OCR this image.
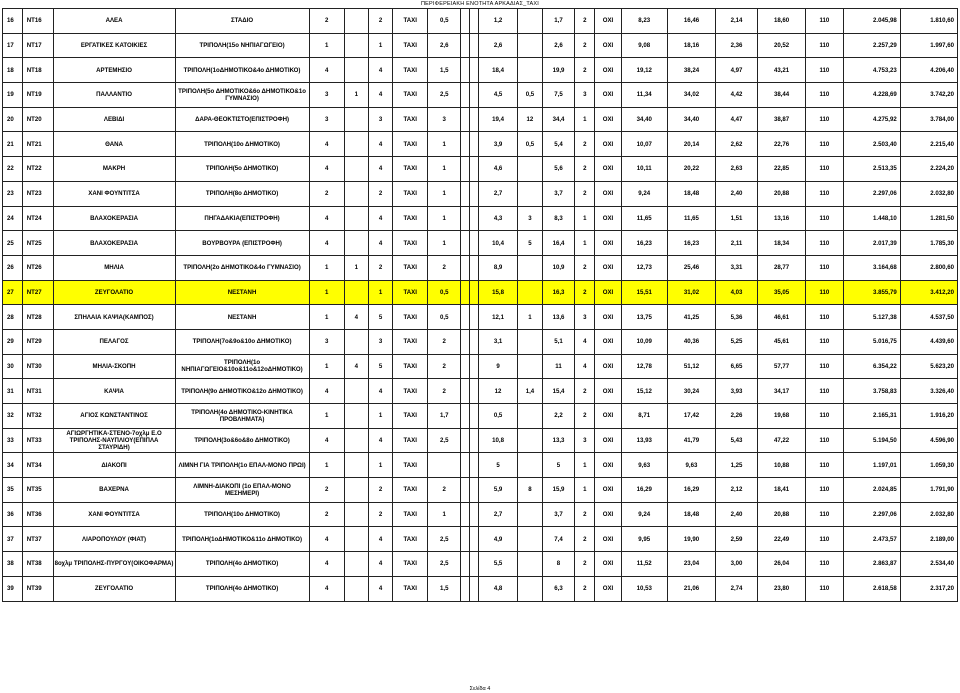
ΠΕΡΙΦΕΡΕΙΑΚΗ ΕΝΟΤΗΤΑ ΑΡΚΑΔΙΑΣ_ΤΑΧΙ
16	NT16	ΑΛΕΑ	ΣΤΑΔΙΟ	2		2	ΤΑΧΙ	0,5			1,2		1,7	2	ΟΧΙ	8,23	16,46	2,14	18,60	110	2.045,98	1.810,60
17	NT17	ΕΡΓΑΤΙΚΕΣ ΚΑΤΟΙΚΙΕΣ	ΤΡΙΠΟΛΗ(15ο ΝΗΠΙΑΓΩΓΕΙΟ)	1		1	ΤΑΧΙ	2,6			2,6		2,6	2	ΟΧΙ	9,08	18,16	2,36	20,52	110	2.257,29	1.997,60
18	NT18	ΑΡΤΕΜΗΣΙΟ	ΤΡΙΠΟΛΗ(1οΔΗΜΟΤΙΚΟ&4ο ΔΗΜΟΤΙΚΟ)	4		4	ΤΑΧΙ	1,5			18,4		19,9	2	ΟΧΙ	19,12	38,24	4,97	43,21	110	4.753,23	4.206,40
19	NT19	ΠΑΛΛΑΝΤΙΟ	ΤΡΙΠΟΛΗ(5ο ΔΗΜΟΤΙΚΟ&6ο ΔΗΜΟΤΙΚΟ&1ο ΓΥΜΝΑΣΙΟ)	3	1	4	ΤΑΧΙ	2,5			4,5	0,5	7,5	3	ΟΧΙ	11,34	34,02	4,42	38,44	110	4.228,69	3.742,20
20	NT20	ΛΕΒΙΔΙ	ΔΑΡΑ-ΘΕΟΚΤΙΣΤΟ(ΕΠΙΣΤΡΟΦΗ)	3		3	ΤΑΧΙ	3			19,4	12	34,4	1	ΟΧΙ	34,40	34,40	4,47	38,87	110	4.275,92	3.784,00
21	NT21	ΘΑΝΑ	ΤΡΙΠΟΛΗ(10ο ΔΗΜΟΤΙΚΟ)	4		4	ΤΑΧΙ	1			3,9	0,5	5,4	2	ΟΧΙ	10,07	20,14	2,62	22,76	110	2.503,40	2.215,40
22	NT22	ΜΑΚΡΗ	ΤΡΙΠΟΛΗ(5ο ΔΗΜΟΤΙΚΟ)	4		4	ΤΑΧΙ	1			4,6		5,6	2	ΟΧΙ	10,11	20,22	2,63	22,85	110	2.513,35	2.224,20
23	NT23	ΧΑΝΙ ΦΟΥΝΤΙΤΣΑ	ΤΡΙΠΟΛΗ(8ο ΔΗΜΟΤΙΚΟ)	2		2	ΤΑΧΙ	1			2,7		3,7	2	ΟΧΙ	9,24	18,48	2,40	20,88	110	2.297,06	2.032,80
24	NT24	ΒΛΑΧΟΚΕΡΑΣΙΑ	ΠΗΓΑΔΑΚΙΑ(ΕΠΙΣΤΡΟΦΗ)	4		4	ΤΑΧΙ	1			4,3	3	8,3	1	ΟΧΙ	11,65	11,65	1,51	13,16	110	1.448,10	1.281,50
25	NT25	ΒΛΑΧΟΚΕΡΑΣΙΑ	ΒΟΥΡΒΟΥΡΑ (ΕΠΙΣΤΡΟΦΗ)	4		4	ΤΑΧΙ	1			10,4	5	16,4	1	ΟΧΙ	16,23	16,23	2,11	18,34	110	2.017,39	1.785,30
26	NT26	ΜΗΛΙΑ	ΤΡΙΠΟΛΗ(2ο ΔΗΜΟΤΙΚΟ&4ο ΓΥΜΝΑΣΙΟ)	1	1	2	ΤΑΧΙ	2			8,9		10,9	2	ΟΧΙ	12,73	25,46	3,31	28,77	110	3.164,68	2.800,60
27	NT27	ΖΕΥΓΟΛΑΤΙΟ	ΝΕΣΤΑΝΗ	1		1	ΤΑΧΙ	0,5			15,8		16,3	2	ΟΧΙ	15,51	31,02	4,03	35,05	110	3.855,79	3.412,20
28	NT28	ΣΠΗΛΑΙΑ ΚΑΨΙΑ(ΚΑΜΠΟΣ)	ΝΕΣΤΑΝΗ	1	4	5	ΤΑΧΙ	0,5			12,1	1	13,6	3	ΟΧΙ	13,75	41,25	5,36	46,61	110	5.127,38	4.537,50
29	NT29	ΠΕΛΑΓΟΣ	ΤΡΙΠΟΛΗ(7ο&9ο&10ο ΔΗΜΟΤΙΚΟ)	3		3	ΤΑΧΙ	2			3,1		5,1	4	ΟΧΙ	10,09	40,36	5,25	45,61	110	5.016,75	4.439,60
30	NT30	ΜΗΛΙΑ-ΣΚΟΠΗ	ΤΡΙΠΟΛΗ(1ο ΝΗΠΙΑΓΩΓΕΙΟ&10ο&11ο&12οΔΗΜΟΤΙΚΟ)	1	4	5	ΤΑΧΙ	2			9		11	4	ΟΧΙ	12,78	51,12	6,65	57,77	110	6.354,22	5.623,20
31	NT31	ΚΑΨΙΑ	ΤΡΙΠΟΛΗ(9ο ΔΗΜΟΤΙΚΟ&12ο ΔΗΜΟΤΙΚΟ)	4		4	ΤΑΧΙ	2			12	1,4	15,4	2	ΟΧΙ	15,12	30,24	3,93	34,17	110	3.758,83	3.326,40
32	NT32	ΑΓΙΟΣ ΚΩΝΣΤΑΝΤΙΝΟΣ	ΤΡΙΠΟΛΗ(4ο ΔΗΜΟΤΙΚΟ-ΚΙΝΗΤΙΚΑ ΠΡΟΒΛΗΜΑΤΑ)	1		1	ΤΑΧΙ	1,7			0,5		2,2	2	ΟΧΙ	8,71	17,42	2,26	19,68	110	2.165,31	1.916,20
33	NT33	ΑΓΙΩΡΓΗΤΙΚΑ-ΣΤΕΝΟ-7οχλμ Ε.Ο ΤΡΙΠΟΛΗΣ-ΝΑΥΠΛΙΟΥ(ΕΠΙΠΛΑ ΣΤΑΥΡΙΔΗ)	ΤΡΙΠΟΛΗ(3ο&6ο&8ο ΔΗΜΟΤΙΚΟ)	4		4	ΤΑΧΙ	2,5			10,8		13,3	3	ΟΧΙ	13,93	41,79	5,43	47,22	110	5.194,50	4.596,90
34	NT34	ΔΙΑΚΟΠΙ	ΛΙΜΝΗ ΓΙΑ ΤΡΙΠΟΛΗ(1ο ΕΠΑΛ-ΜΟΝΟ ΠΡΩΙ)	1		1	ΤΑΧΙ				5		5	1	ΟΧΙ	9,63	9,63	1,25	10,88	110	1.197,01	1.059,30
35	NT35	ΒΑΧΕΡΝΑ	ΛΙΜΝΗ-ΔΙΑΚΟΠΙ (1ο ΕΠΑΛ-ΜΟΝΟ ΜΕΣΗΜΕΡΙ)	2		2	ΤΑΧΙ	2			5,9	8	15,9	1	ΟΧΙ	16,29	16,29	2,12	18,41	110	2.024,85	1.791,90
36	NT36	ΧΑΝΙ ΦΟΥΝΤΙΤΣΑ	ΤΡΙΠΟΛΗ(10ο ΔΗΜΟΤΙΚΟ)	2		2	ΤΑΧΙ	1			2,7		3,7	2	ΟΧΙ	9,24	18,48	2,40	20,88	110	2.297,06	2.032,80
37	NT37	ΛΙΑΡΟΠΟΥΛΟΥ (ΦΙΑΤ)	ΤΡΙΠΟΛΗ(1οΔΗΜΟΤΙΚΟ&11ο ΔΗΜΟΤΙΚΟ)	4		4	ΤΑΧΙ	2,5			4,9		7,4	2	ΟΧΙ	9,95	19,90	2,59	22,49	110	2.473,57	2.189,00
38	NT38	8οχλμ ΤΡΙΠΟΛΗΣ-ΠΥΡΓΟΥ(ΟΙΚΟΦΑΡΜΑ)	ΤΡΙΠΟΛΗ(4ο ΔΗΜΟΤΙΚΟ)	4		4	ΤΑΧΙ	2,5			5,5		8	2	ΟΧΙ	11,52	23,04	3,00	26,04	110	2.863,87	2.534,40
39	NT39	ΖΕΥΓΟΛΑΤΙΟ	ΤΡΙΠΟΛΗ(4ο ΔΗΜΟΤΙΚΟ)	4		4	ΤΑΧΙ	1,5			4,8		6,3	2	ΟΧΙ	10,53	21,06	2,74	23,80	110	2.618,58	2.317,20
Σελίδα 4
